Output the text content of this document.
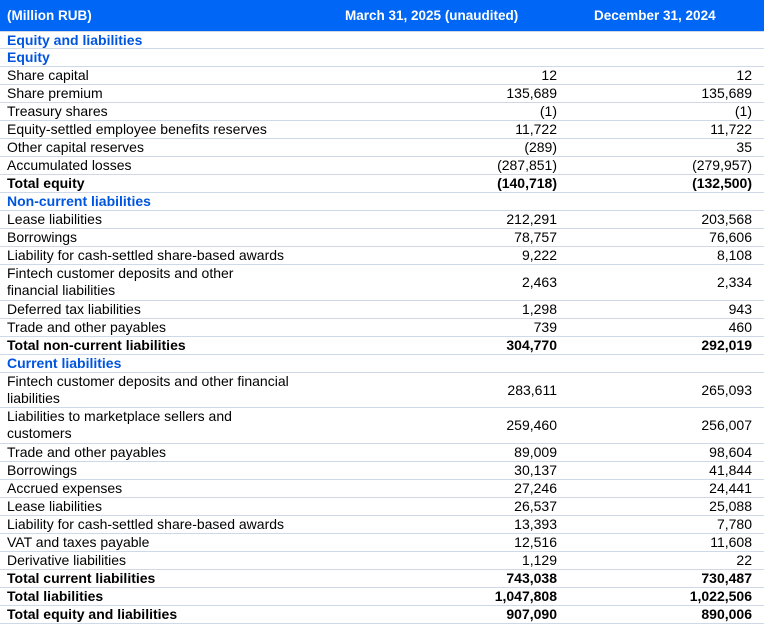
(Million RUB)	March 31, 2025 (unaudited)	December 31, 2024
Equity and liabilities
Equity
Share capital	12	12
Share premium	135,689	135,689
Treasury shares	(1)	(1)
Equity-settled employee benefits reserves	11,722	11,722
Other capital reserves	(289)	35
Accumulated losses	(287,851)	(279,957)
Total equity	(140,718)	(132,500)
Non-current liabilities
Lease liabilities	212,291	203,568
Borrowings	78,757	76,606
Liability for cash-settled share-based awards	9,222	8,108
Fintech customer deposits and other financial liabilities	2,463	2,334
Deferred tax liabilities	1,298	943
Trade and other payables	739	460
Total non-current liabilities	304,770	292,019
Current liabilities
Fintech customer deposits and other financial liabilities	283,611	265,093
Liabilities to marketplace sellers and customers	259,460	256,007
Trade and other payables	89,009	98,604
Borrowings	30,137	41,844
Accrued expenses	27,246	24,441
Lease liabilities	26,537	25,088
Liability for cash-settled share-based awards	13,393	7,780
VAT and taxes payable	12,516	11,608
Derivative liabilities	1,129	22
Total current liabilities	743,038	730,487
Total liabilities	1,047,808	1,022,506
Total equity and liabilities	907,090	890,006
